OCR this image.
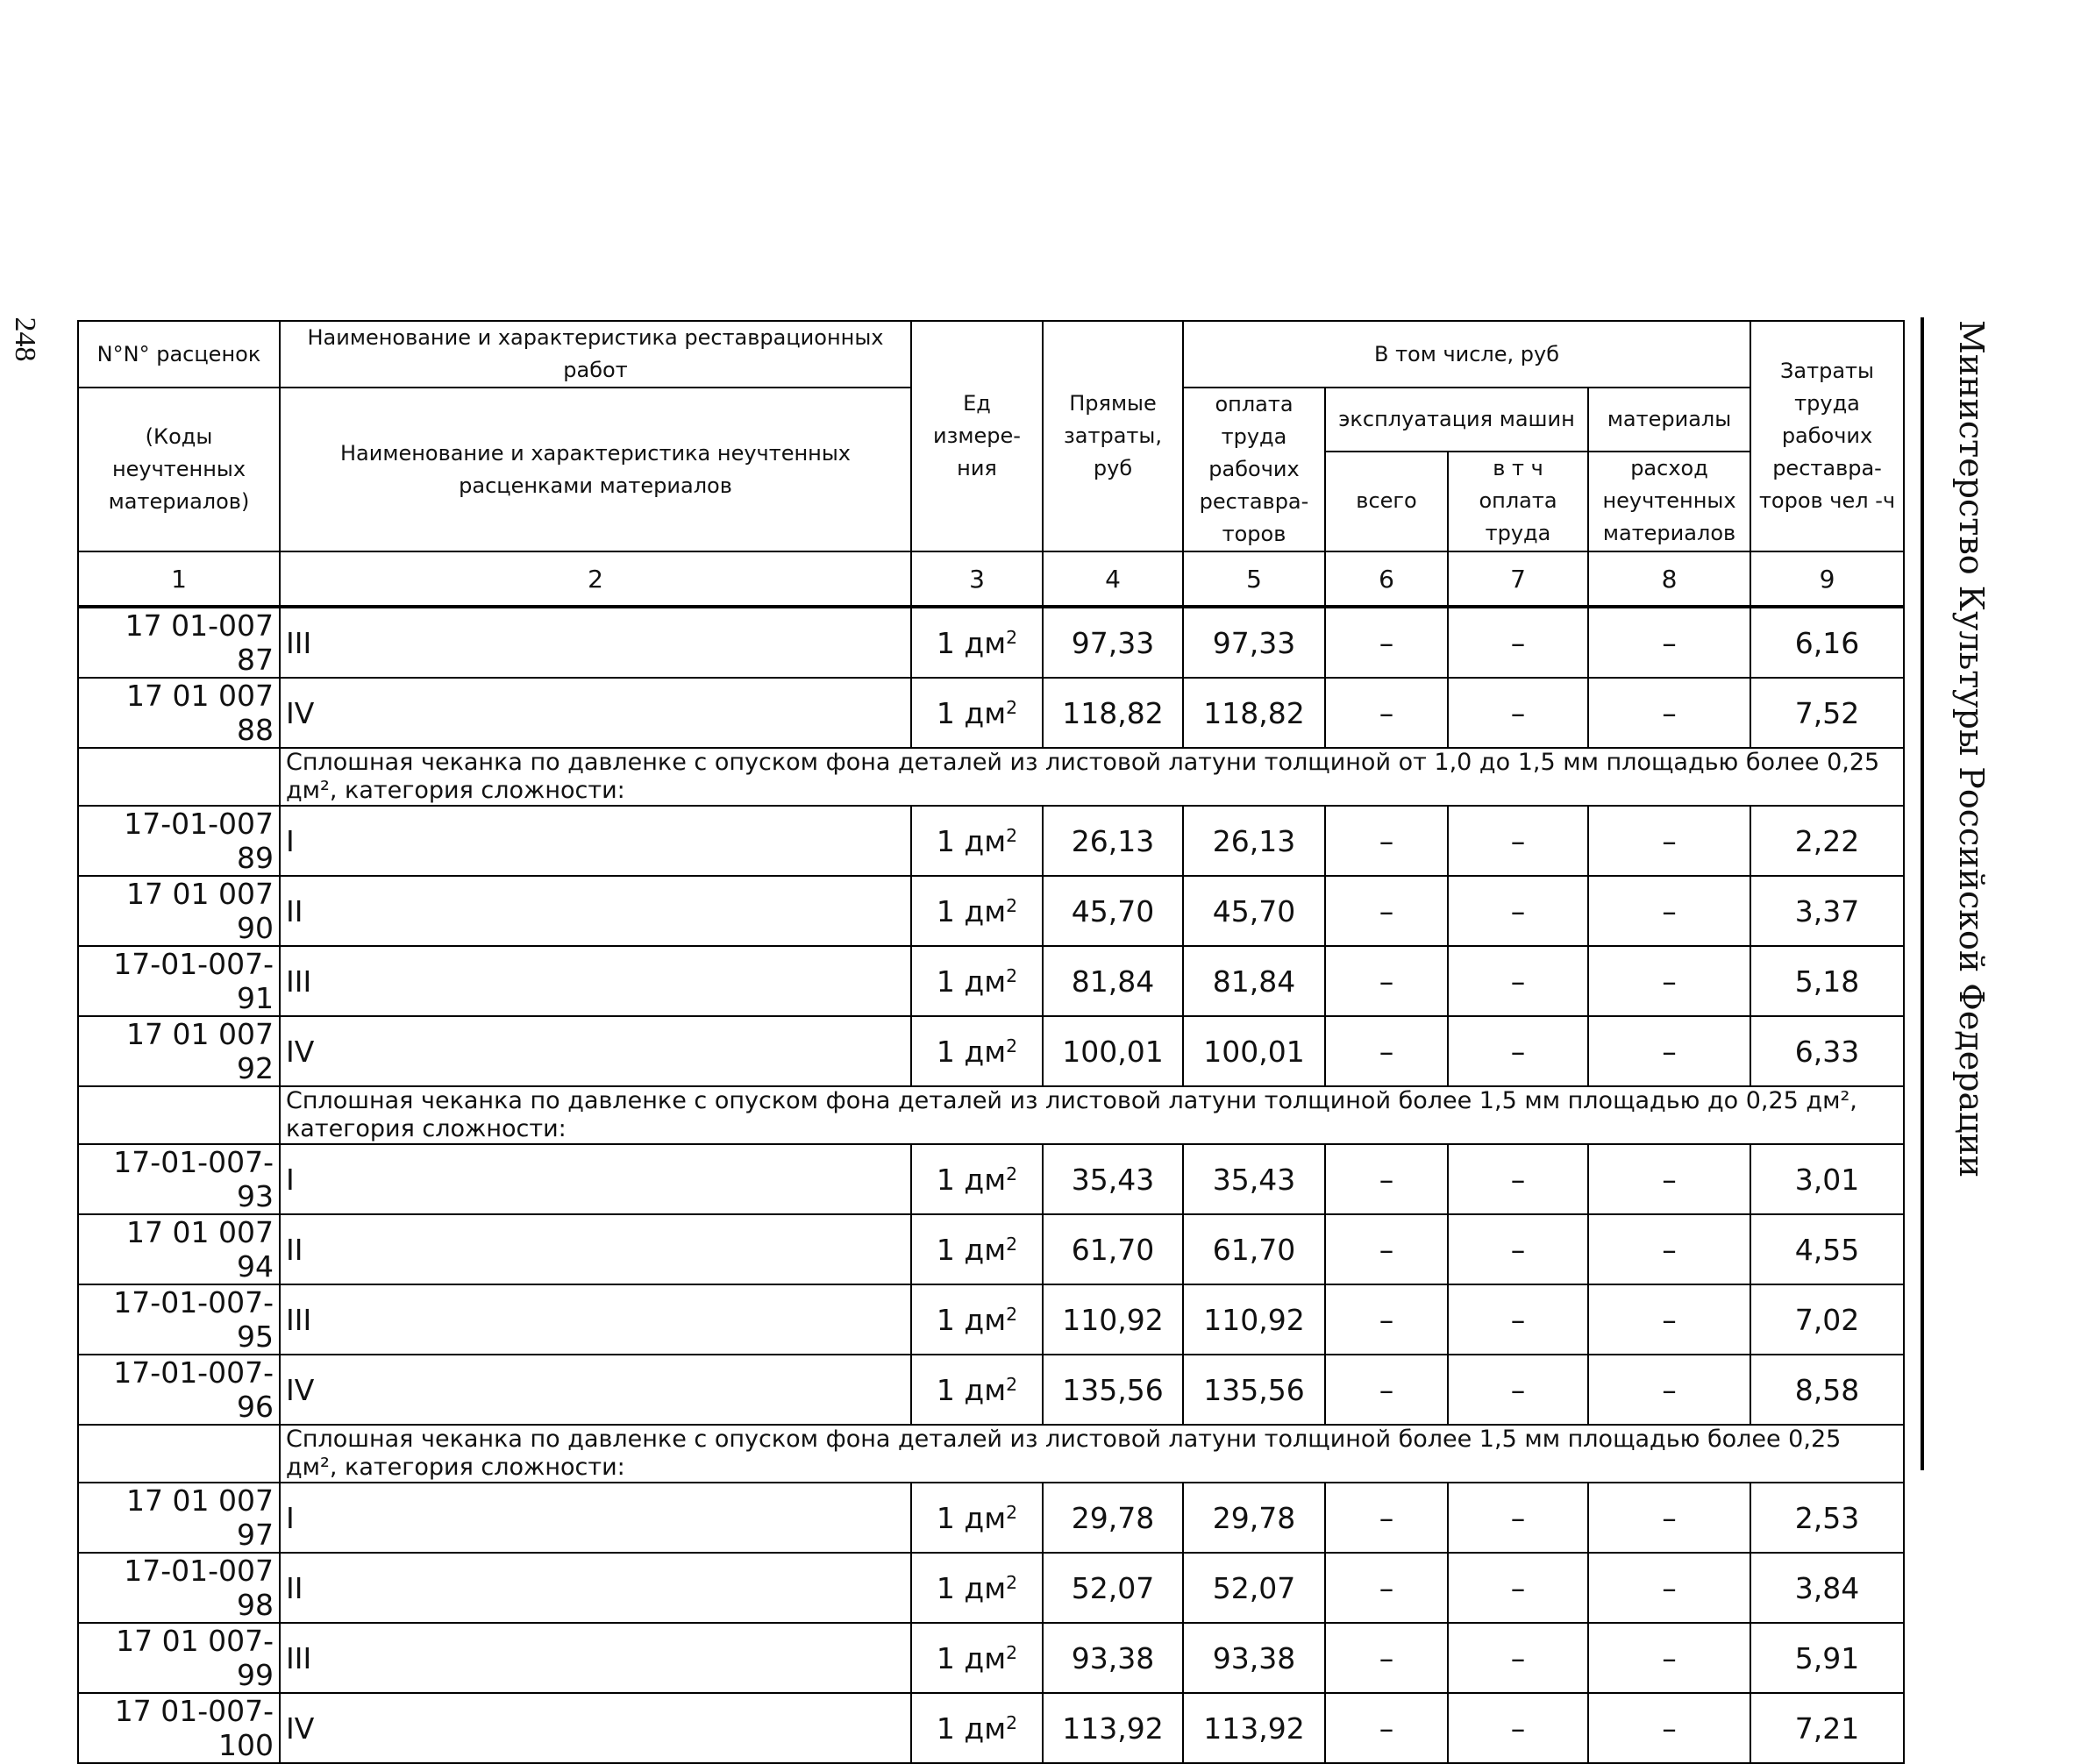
248	Министерство Культуры Российской Федерации
N°N° расценок	Наименование и характеристика реставрационных работ	Ед измере-ния	Прямые затраты, руб	В том числе, руб				Затраты труда рабочих реставра-торов чел -ч
(Коды неучтенных материалов)	Наименование и характеристика неучтенных расценками материалов			оплата труда рабочих реставра-торов	эксплуатация машин		материалы	
					всего	в т ч оплата труда	расход неучтенных материалов	
1	2	3	4	5	6	7	8	9
17 01-007 87	III	1 $дм^2$	97,33	97,33	–	–	–	6,16
17 01 007 88	IV	1 $дм^2$	118,82	118,82	–	–	–	7,52
	Сплошная чеканка по давленке с опуском фона деталей из листовой латуни толщиной от 1,0 до 1,5 мм площадью более 0,25 дм², категория сложности:							
17-01-007 89	I	1 $дм^2$	26,13	26,13	–	–	–	2,22
17 01 007 90	II	1 $дм^2$	45,70	45,70	–	–	–	3,37
17-01-007-91	III	1 $дм^2$	81,84	81,84	–	–	–	5,18
17 01 007 92	IV	1 $дм^2$	100,01	100,01	–	–	–	6,33
	Сплошная чеканка по давленке с опуском фона деталей из листовой латуни толщиной более 1,5 мм площадью до 0,25 дм², категория сложности:							
17-01-007-93	I	1 $дм^2$	35,43	35,43	–	–	–	3,01
17 01 007 94	II	1 $дм^2$	61,70	61,70	–	–	–	4,55
17-01-007-95	III	1 $дм^2$	110,92	110,92	–	–	–	7,02
17-01-007-96	IV	1 $дм^2$	135,56	135,56	–	–	–	8,58
	Сплошная чеканка по давленке с опуском фона деталей из листовой латуни толщиной более 1,5 мм площадью более 0,25 дм², категория сложности:							
17 01 007 97	I	1 $дм^2$	29,78	29,78	–	–	–	2,53
17-01-007 98	II	1 $дм^2$	52,07	52,07	–	–	–	3,84
17 01 007-99	III	1 $дм^2$	93,38	93,38	–	–	–	5,91
17 01-007-100	IV	1 $дм^2$	113,92	113,92	–	–	–	7,21
